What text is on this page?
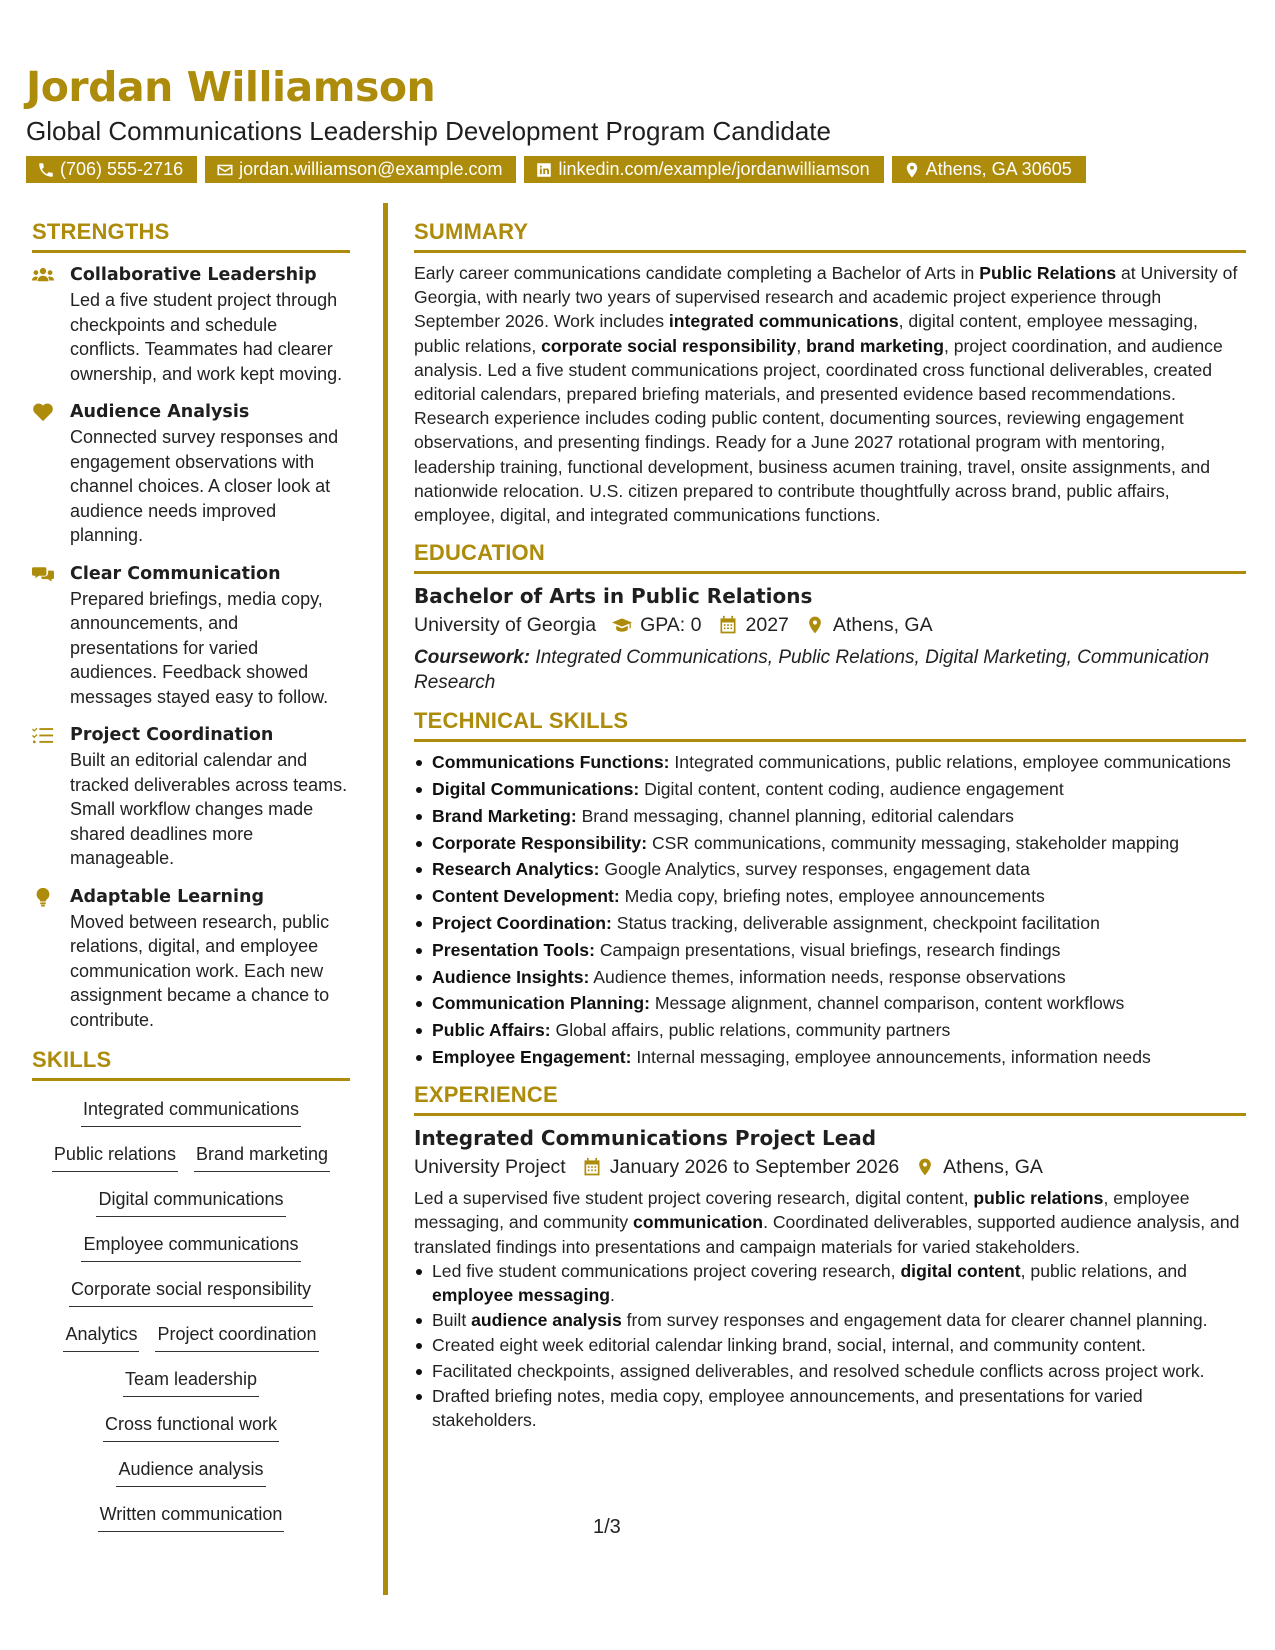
Jordan Williamson
Global Communications Leadership Development Program Candidate
(706) 555-2716	jordan.williamson@example.com	linkedin.com/example/jordanwilliamson	Athens, GA 30605
STRENGTHS
Collaborative Leadership
Led a five student project through checkpoints and schedule conflicts. Teammates had clearer ownership, and work kept moving.
Audience Analysis
Connected survey responses and engagement observations with channel choices. A closer look at audience needs improved planning.
Clear Communication
Prepared briefings, media copy, announcements, and presentations for varied audiences. Feedback showed messages stayed easy to follow.
Project Coordination
Built an editorial calendar and tracked deliverables across teams. Small workflow changes made shared deadlines more manageable.
Adaptable Learning
Moved between research, public relations, digital, and employee communication work. Each new assignment became a chance to contribute.
SKILLS
Integrated communications
Public relations Brand marketing
Digital communications
Employee communications
Corporate social responsibility
Analytics Project coordination
Team leadership
Cross functional work
Audience analysis
Written communication
SUMMARY
Early career communications candidate completing a Bachelor of Arts in Public Relations at University of Georgia, with nearly two years of supervised research and academic project experience through September 2026. Work includes integrated communications, digital content, employee messaging, public relations, corporate social responsibility, brand marketing, project coordination, and audience analysis. Led a five student communications project, coordinated cross functional deliverables, created editorial calendars, prepared briefing materials, and presented evidence based recommendations. Research experience includes coding public content, documenting sources, reviewing engagement observations, and presenting findings. Ready for a June 2027 rotational program with mentoring, leadership training, functional development, business acumen training, travel, onsite assignments, and nationwide relocation. U.S. citizen prepared to contribute thoughtfully across brand, public affairs, employee, digital, and integrated communications functions.
EDUCATION
Bachelor of Arts in Public Relations
University of Georgia GPA: 0 2027 Athens, GA
Coursework: Integrated Communications, Public Relations, Digital Marketing, Communication Research
TECHNICAL SKILLS
Communications Functions: Integrated communications, public relations, employee communications
Digital Communications: Digital content, content coding, audience engagement
Brand Marketing: Brand messaging, channel planning, editorial calendars
Corporate Responsibility: CSR communications, community messaging, stakeholder mapping
Research Analytics: Google Analytics, survey responses, engagement data
Content Development: Media copy, briefing notes, employee announcements
Project Coordination: Status tracking, deliverable assignment, checkpoint facilitation
Presentation Tools: Campaign presentations, visual briefings, research findings
Audience Insights: Audience themes, information needs, response observations
Communication Planning: Message alignment, channel comparison, content workflows
Public Affairs: Global affairs, public relations, community partners
Employee Engagement: Internal messaging, employee announcements, information needs
EXPERIENCE
Integrated Communications Project Lead
University Project January 2026 to September 2026 Athens, GA
Led a supervised five student project covering research, digital content, public relations, employee messaging, and community communication. Coordinated deliverables, supported audience analysis, and translated findings into presentations and campaign materials for varied stakeholders.
Led five student communications project covering research, digital content, public relations, and employee messaging.
Built audience analysis from survey responses and engagement data for clearer channel planning.
Created eight week editorial calendar linking brand, social, internal, and community content.
Facilitated checkpoints, assigned deliverables, and resolved schedule conflicts across project work.
Drafted briefing notes, media copy, employee announcements, and presentations for varied stakeholders.
1/3
